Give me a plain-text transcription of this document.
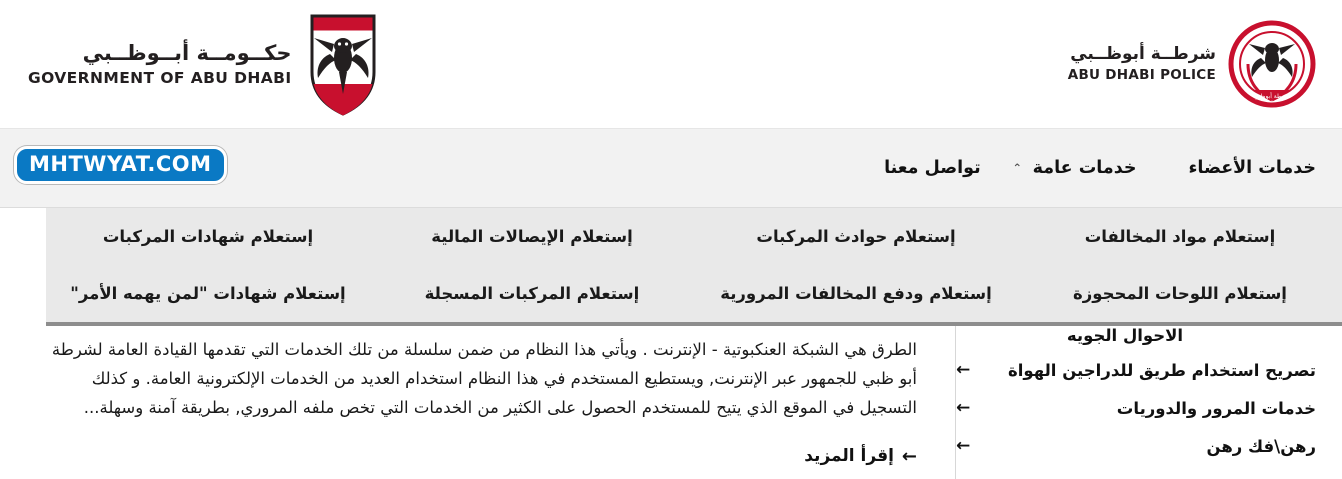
حكــومــة أبــوظــبي
GOVERNMENT OF ABU DHABI
شرطــة أبوظــبي
ABU DHABI POLICE
شرطة أبوظبي
خدمات الأعضاء
خدمات عامة
⌃
تواصل معنا
MHTWYAT.COM
الاحوال الجويه
تصريح استخدام طريق للدراجين الهواة
←
خدمات المرور والدوريات
←
رهن\فك رهن
←

الطرق هي الشبكة العنكبوتية - الإنترنت . ويأتي هذا النظام من ضمن سلسلة من تلك الخدمات التي تقدمها القيادة العامة لشرطة أبو ظبي للجمهور عبر الإنترنت, ويستطيع المستخدم في هذا النظام استخدام العديد من الخدمات الإلكترونية العامة. و كذلك التسجيل في الموقع الذي يتيح للمستخدم الحصول على الكثير من الخدمات التي تخص ملفه المروري, بطريقة آمنة وسهلة...

←
إقرأ المزيد
إستعلام مواد المخالفات
إستعلام حوادث المركبات
إستعلام الإيصالات المالية
إستعلام شهادات المركبات
إستعلام اللوحات المحجوزة
إستعلام ودفع المخالفات المرورية
إستعلام المركبات المسجلة
إستعلام شهادات "لمن يهمه الأمر"
